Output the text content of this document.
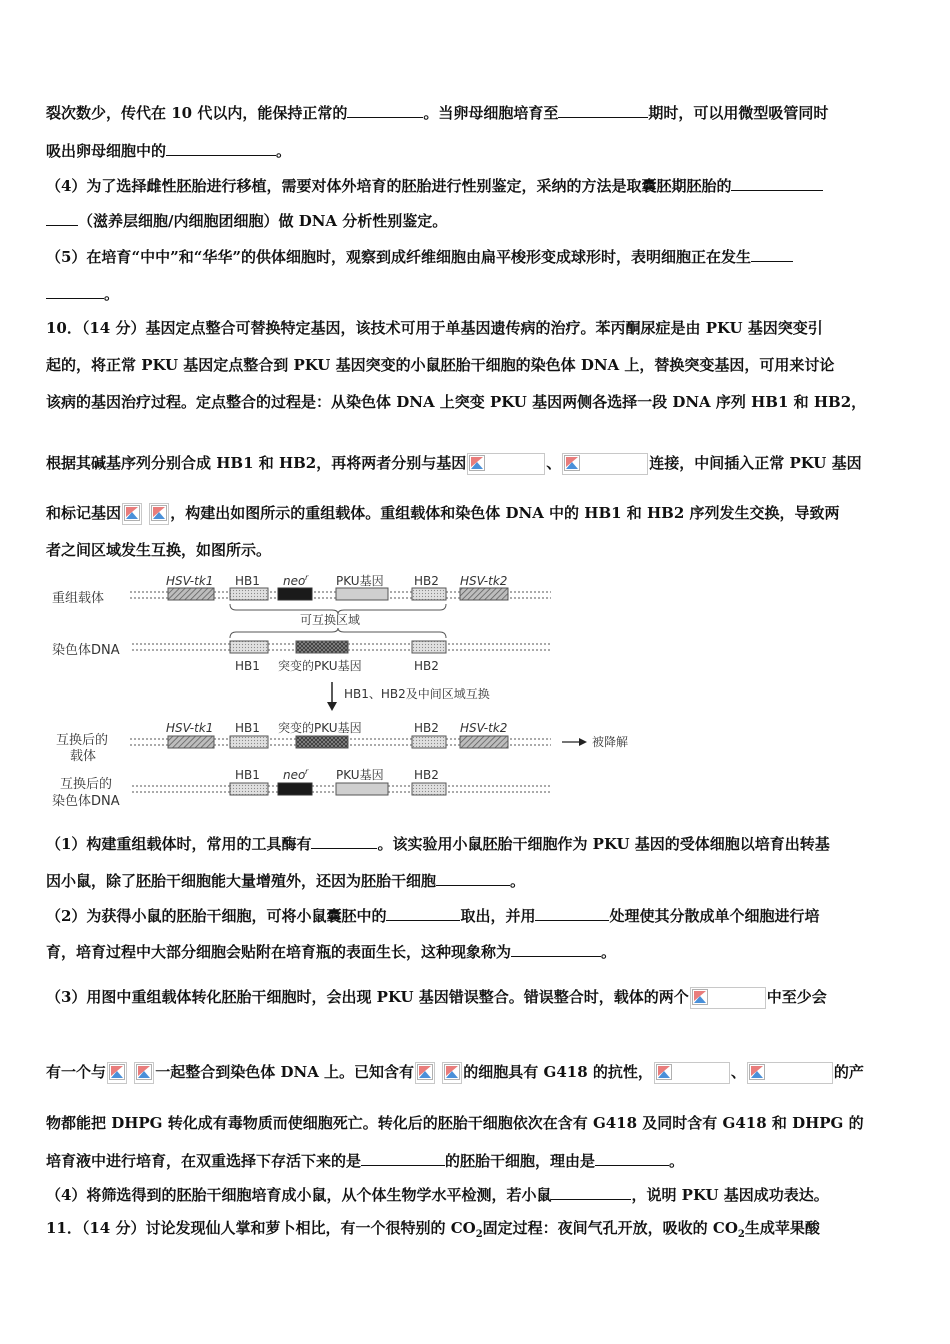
裂次数少，传代在 10 代以内，能保持正常的	。当卵母细胞培育至	期时，可以用微型吸管同时
吸出卵母细胞中的	。
（4）为了选择雌性胚胎进行移植，需要对体外培育的胚胎进行性别鉴定，采纳的方法是取囊胚期胚胎的
（滋养层细胞/内细胞团细胞）做 DNA 分析性别鉴定。
（5）在培育“中中”和“华华”的供体细胞时，观察到成纤维细胞由扁平梭形变成球形时，表明细胞正在发生
。
10．（14 分）基因定点整合可替换特定基因，该技术可用于单基因遗传病的治疗。苯丙酮尿症是由 PKU 基因突变引
起的，将正常 PKU 基因定点整合到 PKU 基因突变的小鼠胚胎干细胞的染色体 DNA 上，替换突变基因，可用来讨论
该病的基因治疗过程。定点整合的过程是：从染色体 DNA 上突变 PKU 基因两侧各选择一段 DNA 序列 HB1 和 HB2，
根据其碱基序列分别合成 HB1 和 HB2，再将两者分别与基因	、	连接，中间插入正常 PKU 基因
和标记基因
	，构建出如图所示的重组载体。重组载体和染色体 DNA 中的 HB1 和 HB2 序列发生交换，导致两
者之间区域发生互换，如图所示。
重组载体
HSV-tk1 HB1 neo r PKU基因	HB2 HSV-tk2
可互换区域
染色体DNA
HB1 突变的PKU基因	HB2
HB1、HB2及中间区域互换
互换后的
载体
HSV-tk1 HB1 突变的PKU基因	HB2 HSV-tk2
被降解
互换后的
染色体DNA
HB1 neo r PKU基因	HB2
（1）构建重组载体时，常用的工具酶有	。该实验用小鼠胚胎干细胞作为 PKU 基因的受体细胞以培育出转基
因小鼠，除了胚胎干细胞能大量增殖外，还因为胚胎干细胞	。
（2）为获得小鼠的胚胎干细胞，可将小鼠囊胚中的	取出，并用	处理使其分散成单个细胞进行培
育，培育过程中大部分细胞会贴附在培育瓶的表面生长，这种现象称为	。
（3）用图中重组载体转化胚胎干细胞时，会出现 PKU 基因错误整合。错误整合时，载体的两个	中至少会
有一个与
	一起整合到染色体 DNA 上。已知含有
	的细胞具有 G418 的抗性，	、	的产
物都能把 DHPG 转化成有毒物质而使细胞死亡。转化后的胚胎干细胞依次在含有 G418 及同时含有 G418 和 DHPG 的
培育液中进行培育，在双重选择下存活下来的是	的胚胎干细胞，理由是	。
（4）将筛选得到的胚胎干细胞培育成小鼠，从个体生物学水平检测，若小鼠	，说明 PKU 基因成功表达。
11．（14 分）讨论发现仙人掌和萝卜相比，有一个很特别的 $CO_2$固定过程：夜间气孔开放，吸收的 $CO_2$生成苹果酸
